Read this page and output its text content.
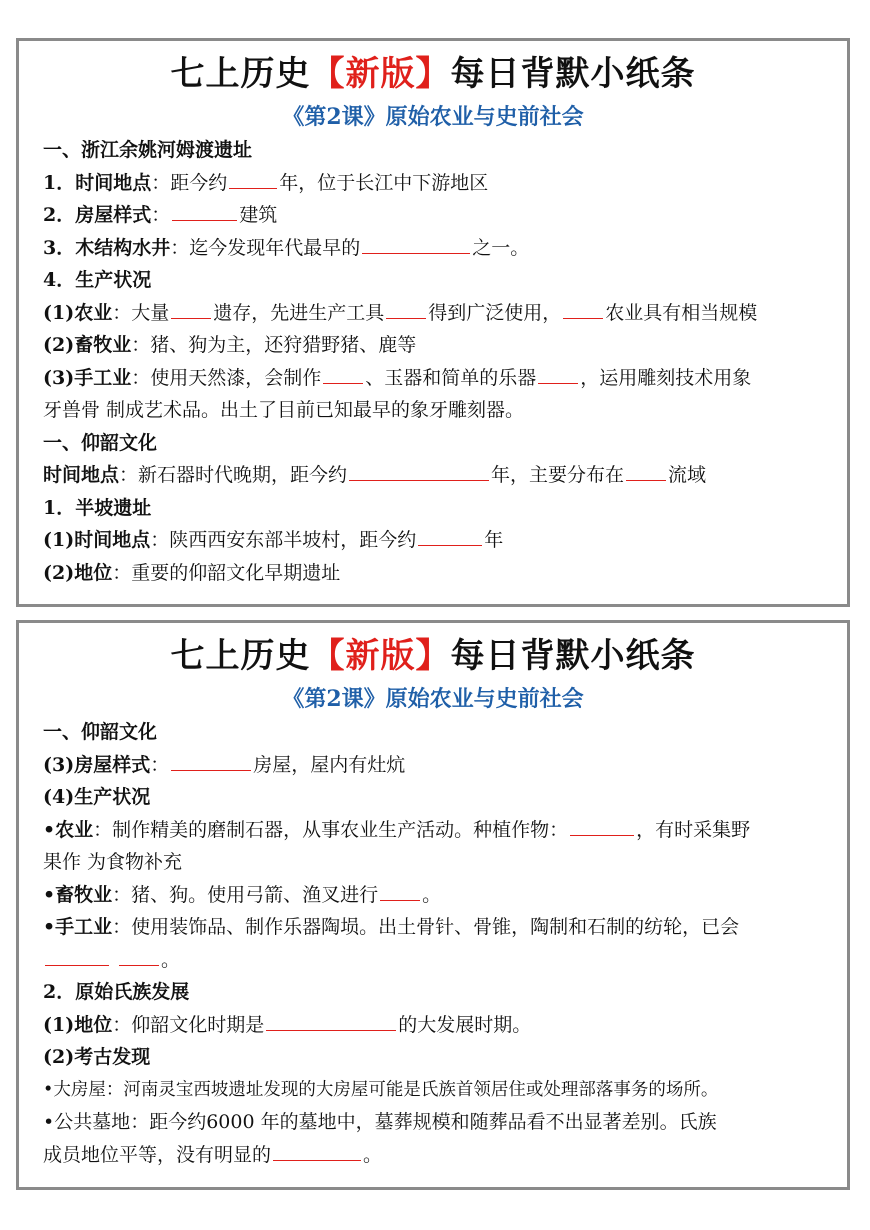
七上历史【新版】每日背默小纸条
《第2课》原始农业与史前社会
一、浙江余姚河姆渡遗址
1．时间地点：距今约	年，位于长江中下游地区
2．房屋样式：	建筑
3．木结构水井：迄今发现年代最早的	之一。
4．生产状况
(1)农业：大量 遗存，先进生产工具 得到广泛使用， 农业具有相当规模
(2)畜牧业：猪、狗为主，还狩猎野猪、鹿等
(3)手工业：使用天然漆，会制作 、玉器和简单的乐器 ，运用雕刻技术用象
牙兽骨 制成艺术品。出土了目前已知最早的象牙雕刻器。
一、仰韶文化
时间地点：新石器时代晚期，距今约	年，主要分布在 流域
1．半坡遗址
(1)时间地点：陕西西安东部半坡村，距今约	年
(2)地位：重要的仰韶文化早期遗址
七上历史【新版】每日背默小纸条
《第2课》原始农业与史前社会
一、仰韶文化
(3)房屋样式：	房屋，屋内有灶炕
(4)生产状况
•农业：制作精美的磨制石器，从事农业生产活动。种植作物：	，有时采集野
果作 为食物补充
•畜牧业：猪、狗。使用弓箭、渔叉进行 。
•手工业：使用装饰品、制作乐器陶埙。出土骨针、骨锥，陶制和石制的纺轮，已会
。
2．原始氏族发展
(1)地位：仰韶文化时期是	的大发展时期。
(2)考古发现
•大房屋：河南灵宝西坡遗址发现的大房屋可能是氏族首领居住或处理部落事务的场所。
•公共墓地：距今约6000 年的墓地中，墓葬规模和随葬品看不出显著差别。氏族
成员地位平等，没有明显的	。
